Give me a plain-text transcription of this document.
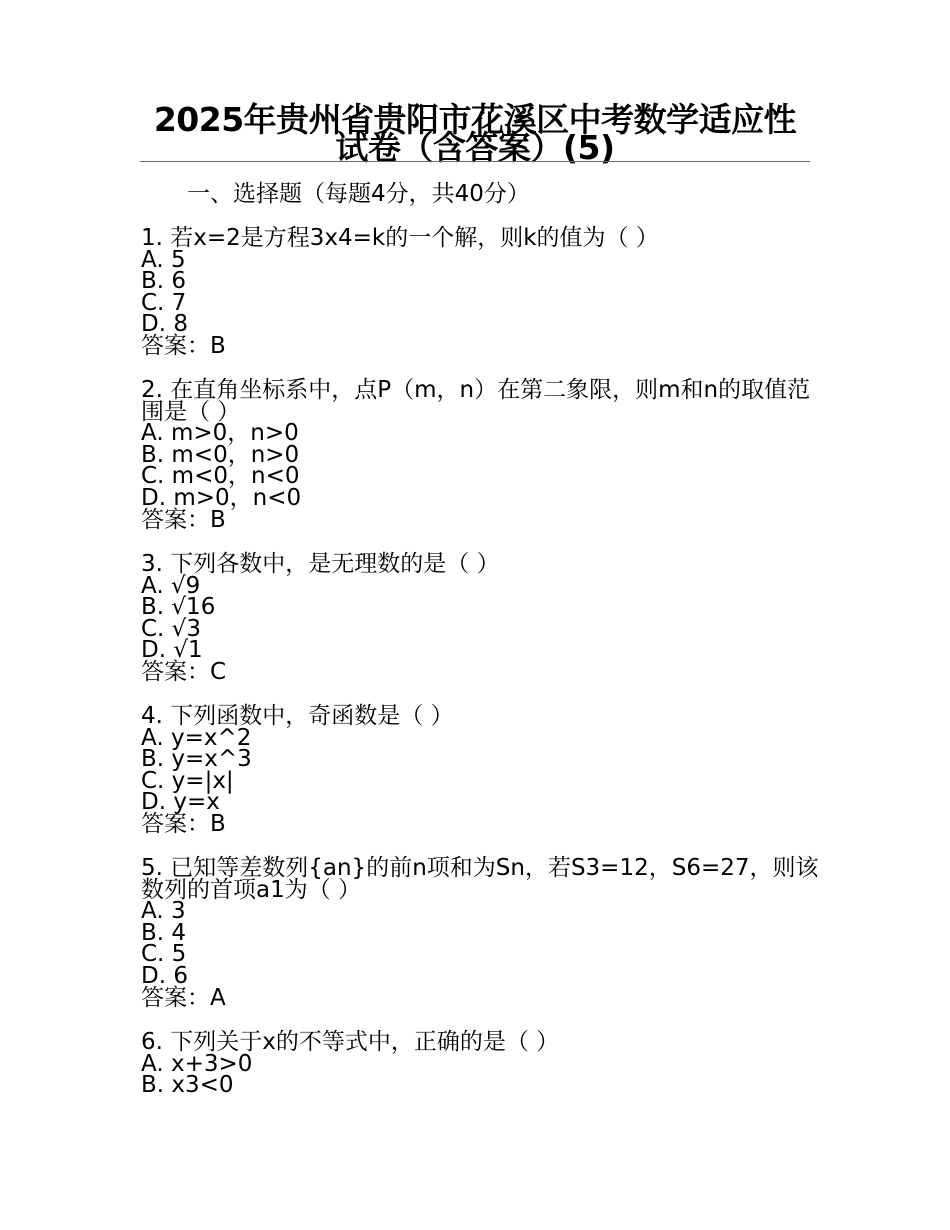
2025年贵州省贵阳市花溪区中考数学适应性试卷（含答案）(5)
一、选择题（每题4分，共40分）

1. 若x=2是方程3x4=k的一个解，则k的值为（ ）

A. 5

B. 6

C. 7

D. 8

答案：B

2. 在直角坐标系中，点P（m，n）在第二象限，则m和n的取值范围是（ ）

A. m>0，n>0

B. m<0，n>0

C. m<0，n<0

D. m>0，n<0

答案：B

3. 下列各数中，是无理数的是（ ）

A. √9

B. √16

C. √3

D. √1

答案：C

4. 下列函数中，奇函数是（ ）

A. y=x^2

B. y=x^3

C. y=|x|

D. y=x

答案：B

5. 已知等差数列{an}的前n项和为Sn，若S3=12，S6=27，则该数列的首项a1为（ ）

A. 3

B. 4

C. 5

D. 6

答案：A

6. 下列关于x的不等式中，正确的是（ ）

A. x+3>0

B. x3<0
